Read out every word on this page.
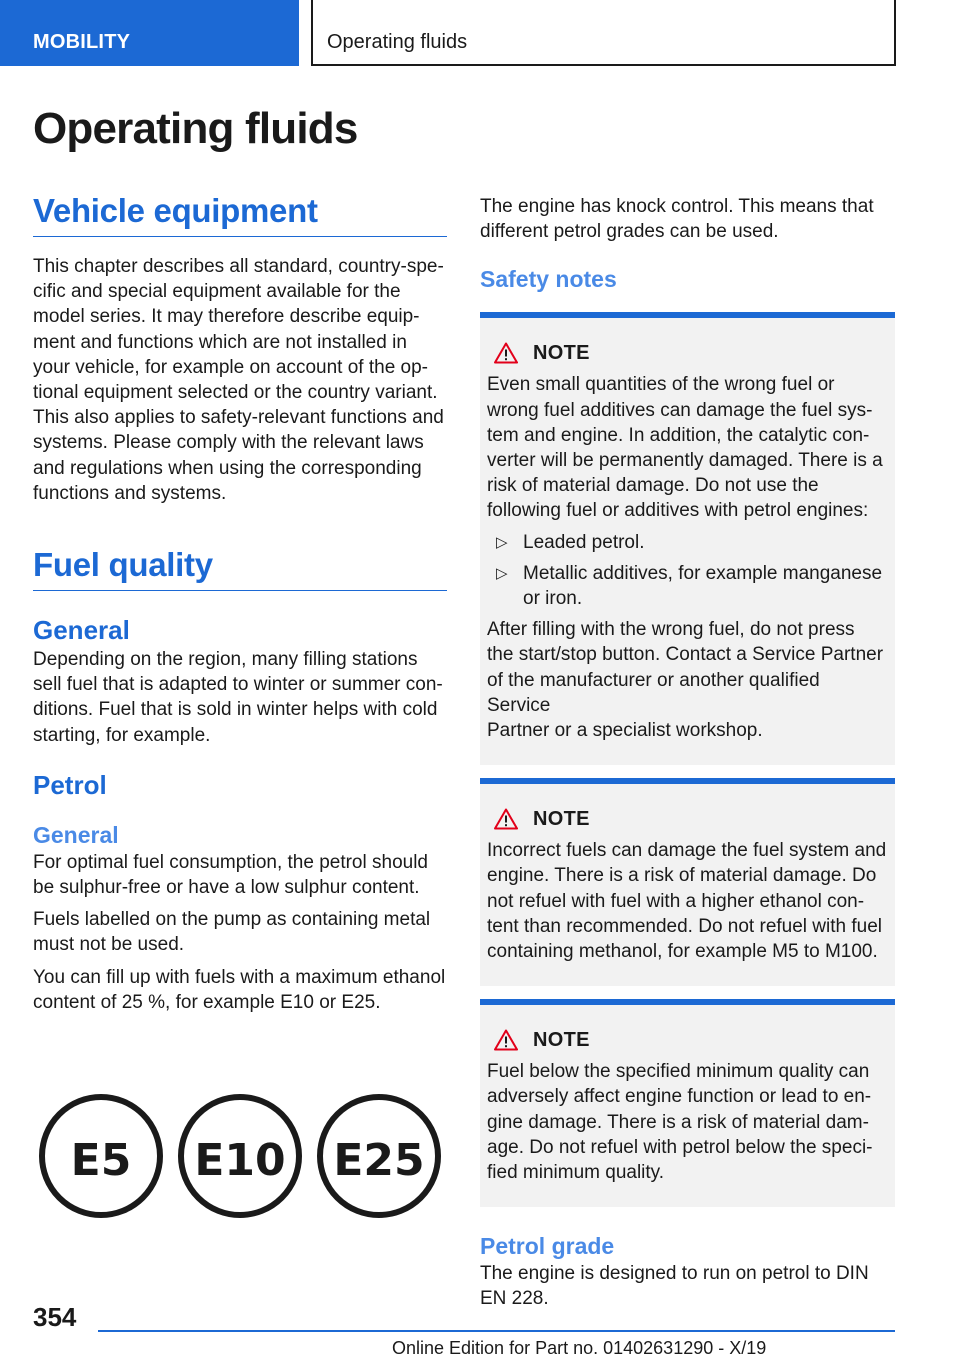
MOBILITY	Operating fluids
Operating fluids
Vehicle equipment
This chapter describes all standard, country-spe-
cific and special equipment available for the
model series. It may therefore describe equip-
ment and functions which are not installed in
your vehicle, for example on account of the op-
tional equipment selected or the country variant.
This also applies to safety-relevant functions and
systems. Please comply with the relevant laws
and regulations when using the corresponding
functions and systems.
Fuel quality
General
Depending on the region, many filling stations
sell fuel that is adapted to winter or summer con-
ditions. Fuel that is sold in winter helps with cold
starting, for example.
Petrol
General
For optimal fuel consumption, the petrol should
be sulphur-free or have a low sulphur content.
Fuels labelled on the pump as containing metal
must not be used.
You can fill up with fuels with a maximum ethanol
content of 25 %, for example E10 or E25.
E5 E10 E25
The engine has knock control. This means that
different petrol grades can be used.
Safety notes
NOTE
Even small quantities of the wrong fuel or
wrong fuel additives can damage the fuel sys-
tem and engine. In addition, the catalytic con-
verter will be permanently damaged. There is a
risk of material damage. Do not use the
following fuel or additives with petrol engines:
▷ Leaded petrol.
▷ Metallic additives, for example manganese
or iron.
After filling with the wrong fuel, do not press
the start/stop button. Contact a Service Partner
of the manufacturer or another qualified Service
Partner or a specialist workshop.
NOTE
Incorrect fuels can damage the fuel system and
engine. There is a risk of material damage. Do
not refuel with fuel with a higher ethanol con-
tent than recommended. Do not refuel with fuel
containing methanol, for example M5 to M100.
NOTE
Fuel below the specified minimum quality can
adversely affect engine function or lead to en-
gine damage. There is a risk of material dam-
age. Do not refuel with petrol below the speci-
fied minimum quality.
Petrol grade
The engine is designed to run on petrol to DIN
EN 228.
354
Online Edition for Part no. 01402631290 - X/19
